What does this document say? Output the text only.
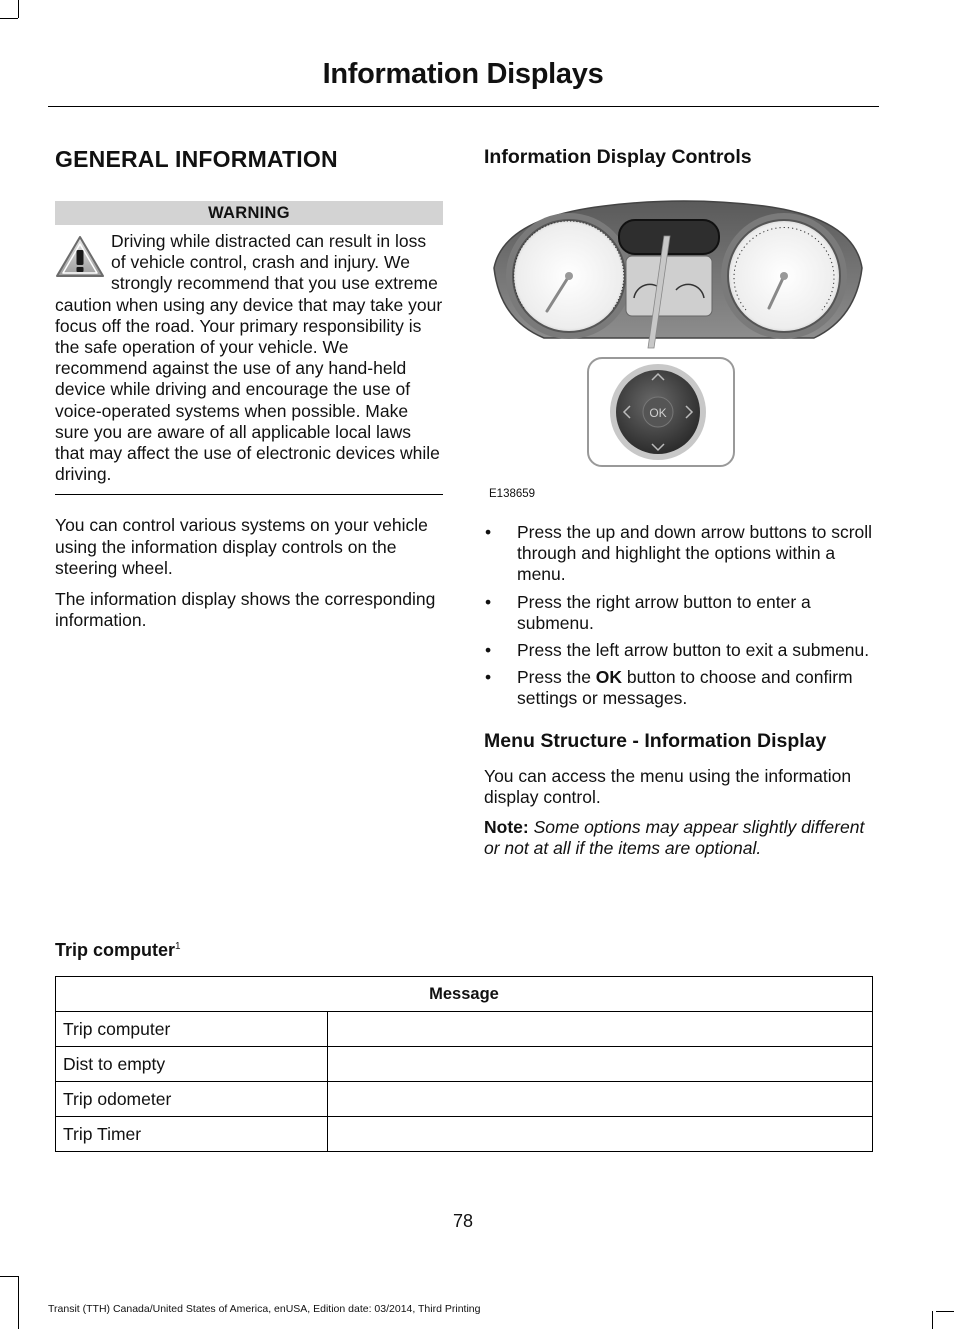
Information Displays
GENERAL INFORMATION
WARNING
Driving while distracted can result in loss of vehicle control, crash and injury. We strongly recommend that you use extreme caution when using any device that may take your focus off the road. Your primary responsibility is the safe operation of your vehicle. We recommend against the use of any hand-held device while driving and encourage the use of voice-operated systems when possible. Make sure you are aware of all applicable local laws that may affect the use of electronic devices while driving.

You can control various systems on your vehicle using the information display controls on the steering wheel.

The information display shows the corresponding information.

Information Display Controls
OK
E138659
• Press the up and down arrow buttons to scroll through and highlight the options within a menu.
• Press the right arrow button to enter a submenu.
• Press the left arrow button to exit a submenu.
• Press the OK button to choose and confirm settings or messages.
Menu Structure - Information Display

You can access the menu using the information display control.

Note: Some options may appear slightly different or not at all if the items are optional.

Trip computer$^1$
Message	
Trip computer	
Dist to empty	
Trip odometer	
Trip Timer	
78
Transit (TTH) Canada/United States of America, enUSA, Edition date: 03/2014, Third Printing
